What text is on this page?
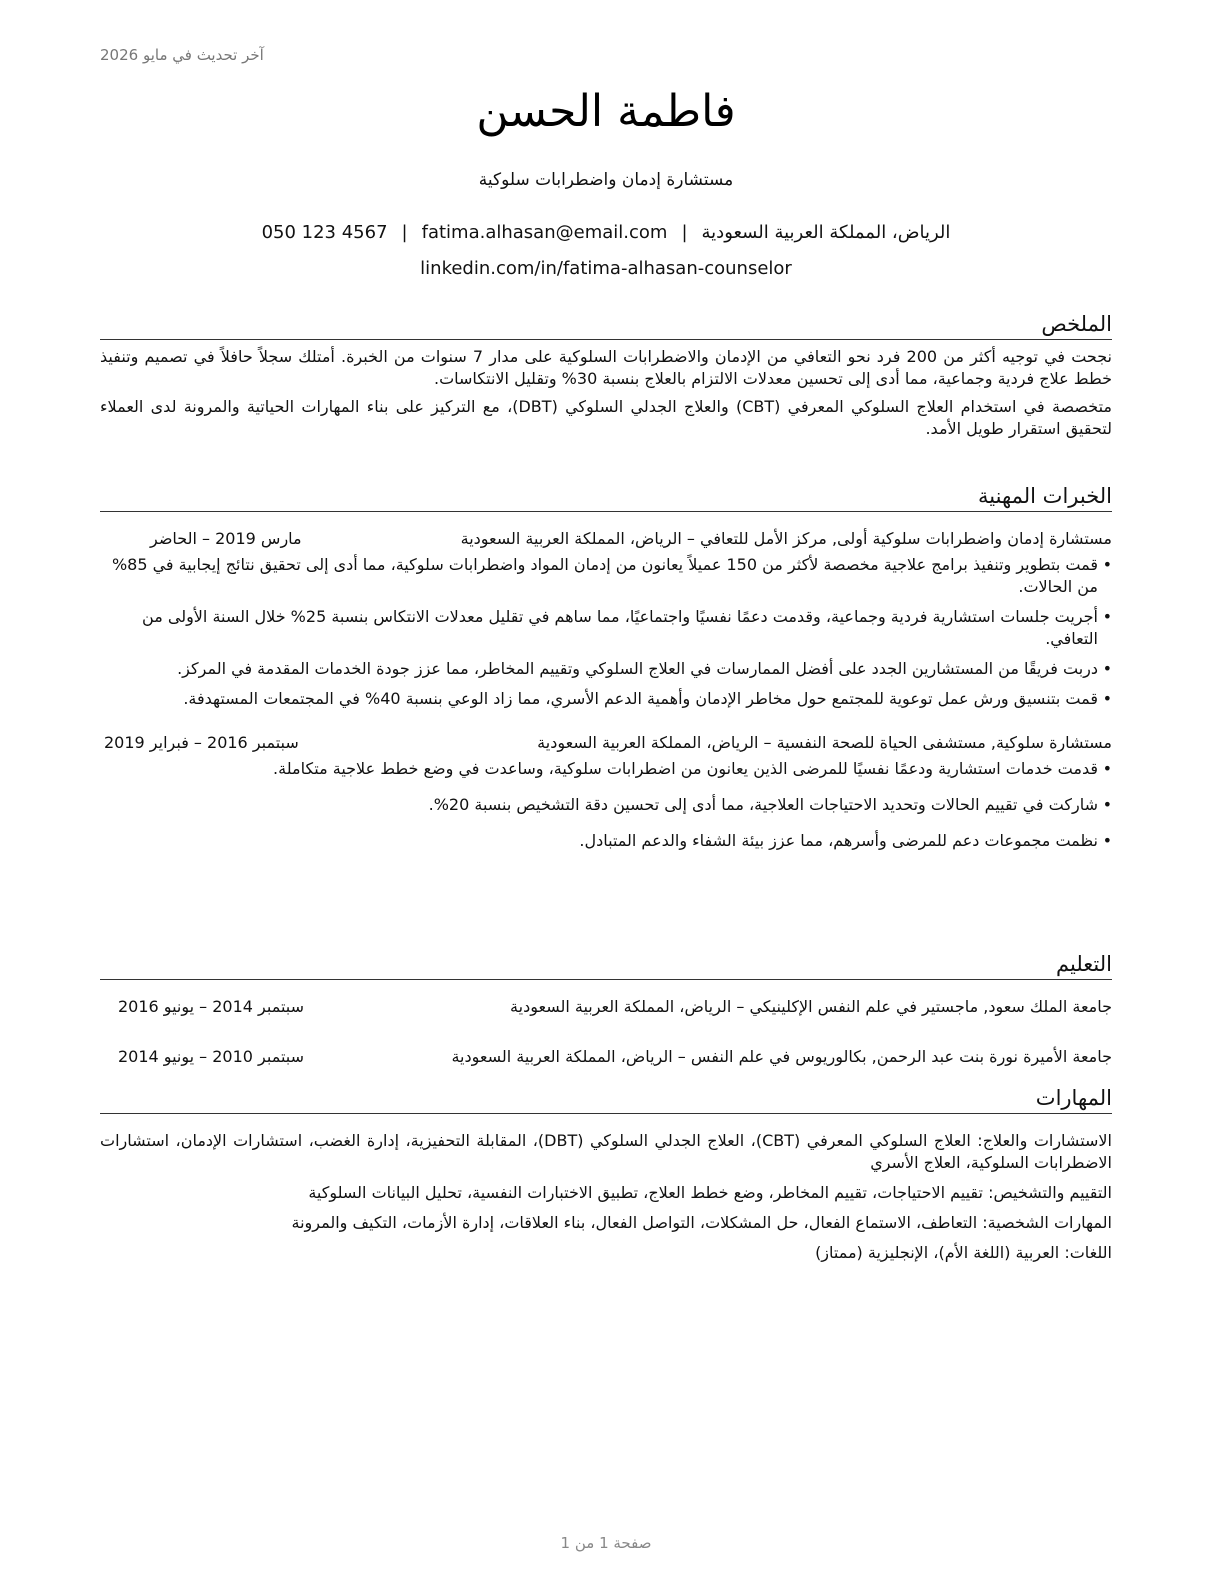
آخر تحديث في مايو 2026
فاطمة الحسن
مستشارة إدمان واضطرابات سلوكية
الرياض، المملكة العربية السعودية|fatima.alhasan@email.com|050 123 4567
linkedin.com/in/fatima-alhasan-counselor
الملخص

نجحت في توجيه أكثر من 200 فرد نحو التعافي من الإدمان والاضطرابات السلوكية على مدار 7 سنوات من الخبرة. أمتلك سجلاً حافلاً في تصميم وتنفيذ خطط علاج فردية وجماعية، مما أدى إلى تحسين معدلات الالتزام بالعلاج بنسبة 30% وتقليل الانتكاسات.

متخصصة في استخدام العلاج السلوكي المعرفي (CBT) والعلاج الجدلي السلوكي (DBT)، مع التركيز على بناء المهارات الحياتية والمرونة لدى العملاء لتحقيق استقرار طويل الأمد.

الخبرات المهنية
مستشارة إدمان واضطرابات سلوكية أولى, مركز الأمل للتعافي – الرياض، المملكة العربية السعودية
مارس 2019 – الحاضر
• قمت بتطوير وتنفيذ برامج علاجية مخصصة لأكثر من 150 عميلاً يعانون من إدمان المواد واضطرابات سلوكية، مما أدى إلى تحقيق نتائج إيجابية في 85% من الحالات.
• أجريت جلسات استشارية فردية وجماعية، وقدمت دعمًا نفسيًا واجتماعيًا، مما ساهم في تقليل معدلات الانتكاس بنسبة 25% خلال السنة الأولى من التعافي.
• دربت فريقًا من المستشارين الجدد على أفضل الممارسات في العلاج السلوكي وتقييم المخاطر، مما عزز جودة الخدمات المقدمة في المركز.
• قمت بتنسيق ورش عمل توعوية للمجتمع حول مخاطر الإدمان وأهمية الدعم الأسري، مما زاد الوعي بنسبة 40% في المجتمعات المستهدفة.
مستشارة سلوكية, مستشفى الحياة للصحة النفسية – الرياض، المملكة العربية السعودية
سبتمبر 2016 – فبراير 2019
• قدمت خدمات استشارية ودعمًا نفسيًا للمرضى الذين يعانون من اضطرابات سلوكية، وساعدت في وضع خطط علاجية متكاملة.
• شاركت في تقييم الحالات وتحديد الاحتياجات العلاجية، مما أدى إلى تحسين دقة التشخيص بنسبة 20%.
• نظمت مجموعات دعم للمرضى وأسرهم، مما عزز بيئة الشفاء والدعم المتبادل.
التعليم
جامعة الملك سعود, ماجستير في علم النفس الإكلينيكي – الرياض، المملكة العربية السعودية
سبتمبر 2014 – يونيو 2016
جامعة الأميرة نورة بنت عبد الرحمن, بكالوريوس في علم النفس – الرياض، المملكة العربية السعودية
سبتمبر 2010 – يونيو 2014
المهارات
الاستشارات والعلاج: العلاج السلوكي المعرفي (CBT)، العلاج الجدلي السلوكي (DBT)، المقابلة التحفيزية، إدارة الغضب، استشارات الإدمان، استشارات الاضطرابات السلوكية، العلاج الأسري
التقييم والتشخيص: تقييم الاحتياجات، تقييم المخاطر، وضع خطط العلاج، تطبيق الاختبارات النفسية، تحليل البيانات السلوكية
المهارات الشخصية: التعاطف، الاستماع الفعال، حل المشكلات، التواصل الفعال، بناء العلاقات، إدارة الأزمات، التكيف والمرونة
اللغات: العربية (اللغة الأم)، الإنجليزية (ممتاز)
صفحة 1 من 1
